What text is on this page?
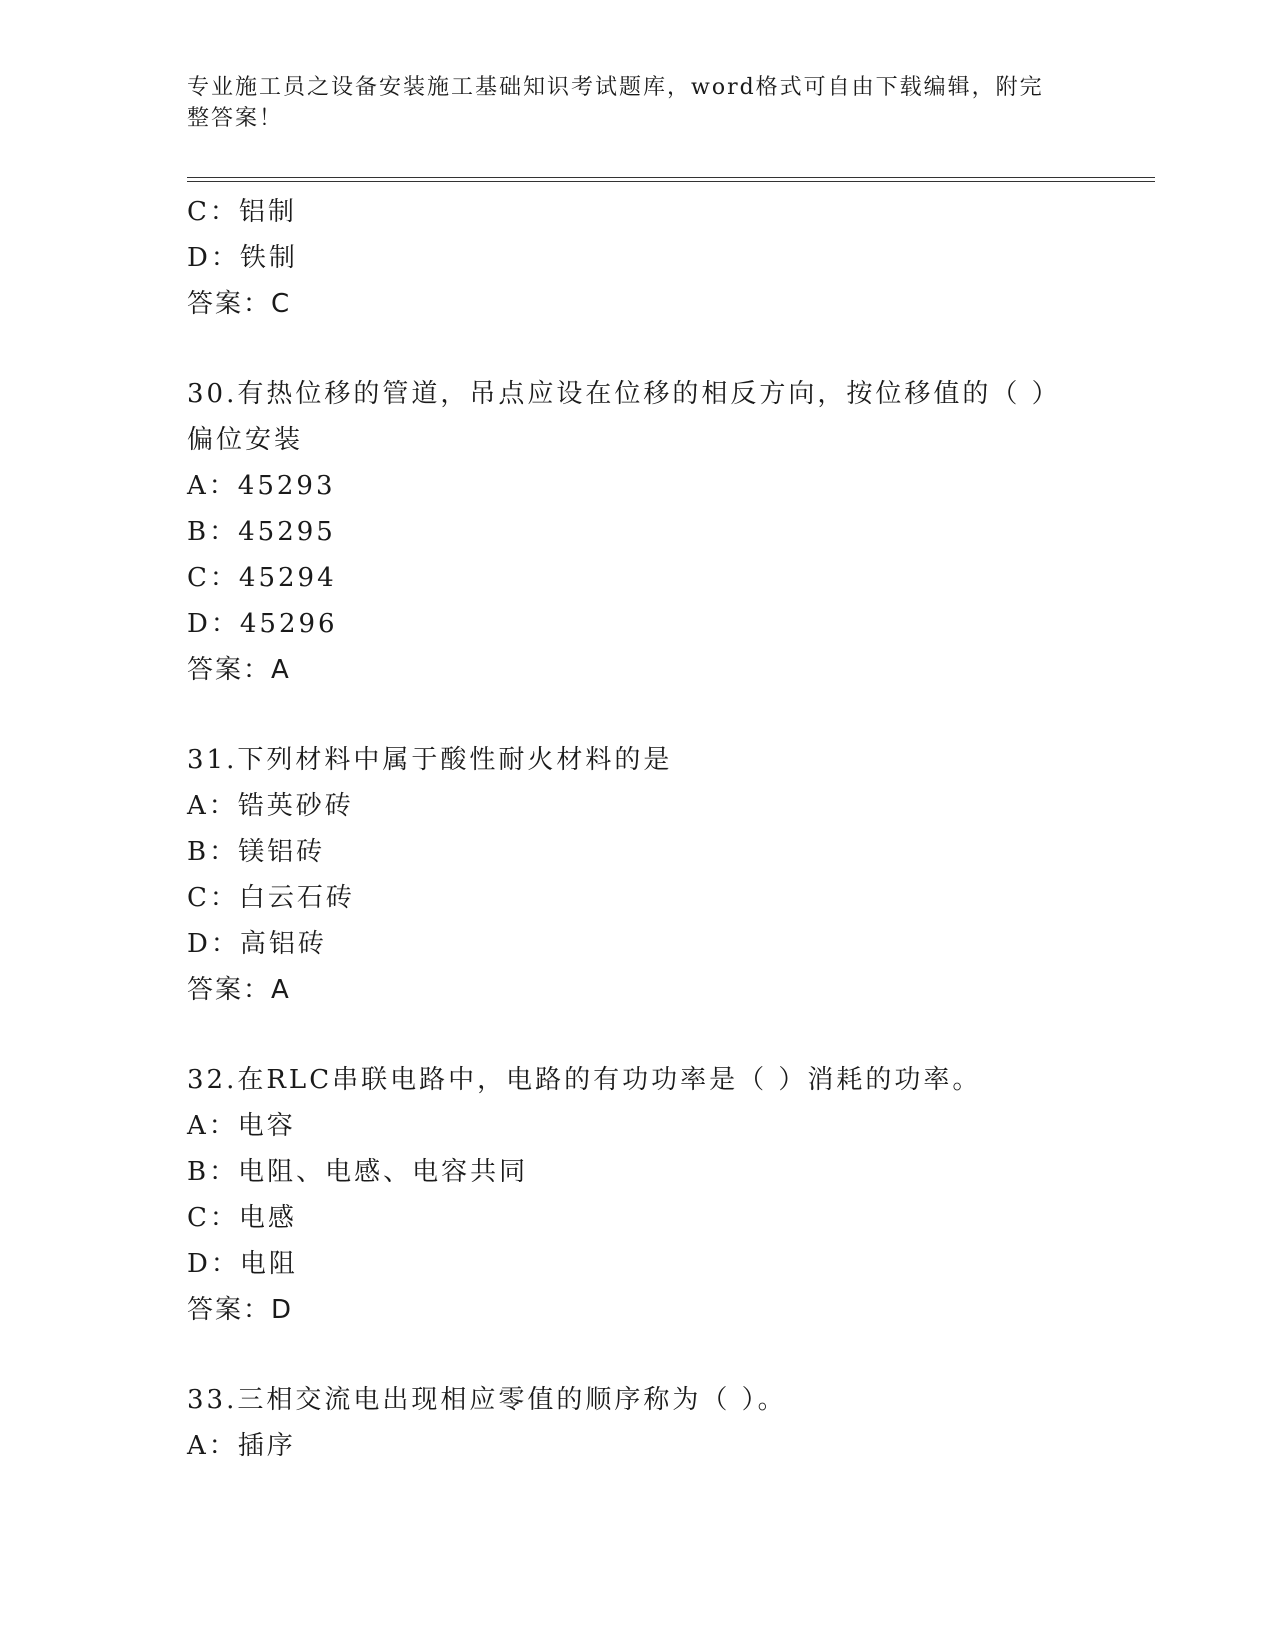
专业施工员之设备安装施工基础知识考试题库，word格式可自由下载编辑，附完整答案！
C：铝制
D：铁制
答案：C
30.有热位移的管道，吊点应设在位移的相反方向，按位移值的（ ）
偏位安装
A：45293
B：45295
C：45294
D：45296
答案：A
31.下列材料中属于酸性耐火材料的是
A：锆英砂砖
B：镁铝砖
C：白云石砖
D：高铝砖
答案：A
32.在RLC串联电路中，电路的有功功率是（ ）消耗的功率。
A：电容
B：电阻、电感、电容共同
C：电感
D：电阻
答案：D
33.三相交流电出现相应零值的顺序称为（ ）。
A：插序
